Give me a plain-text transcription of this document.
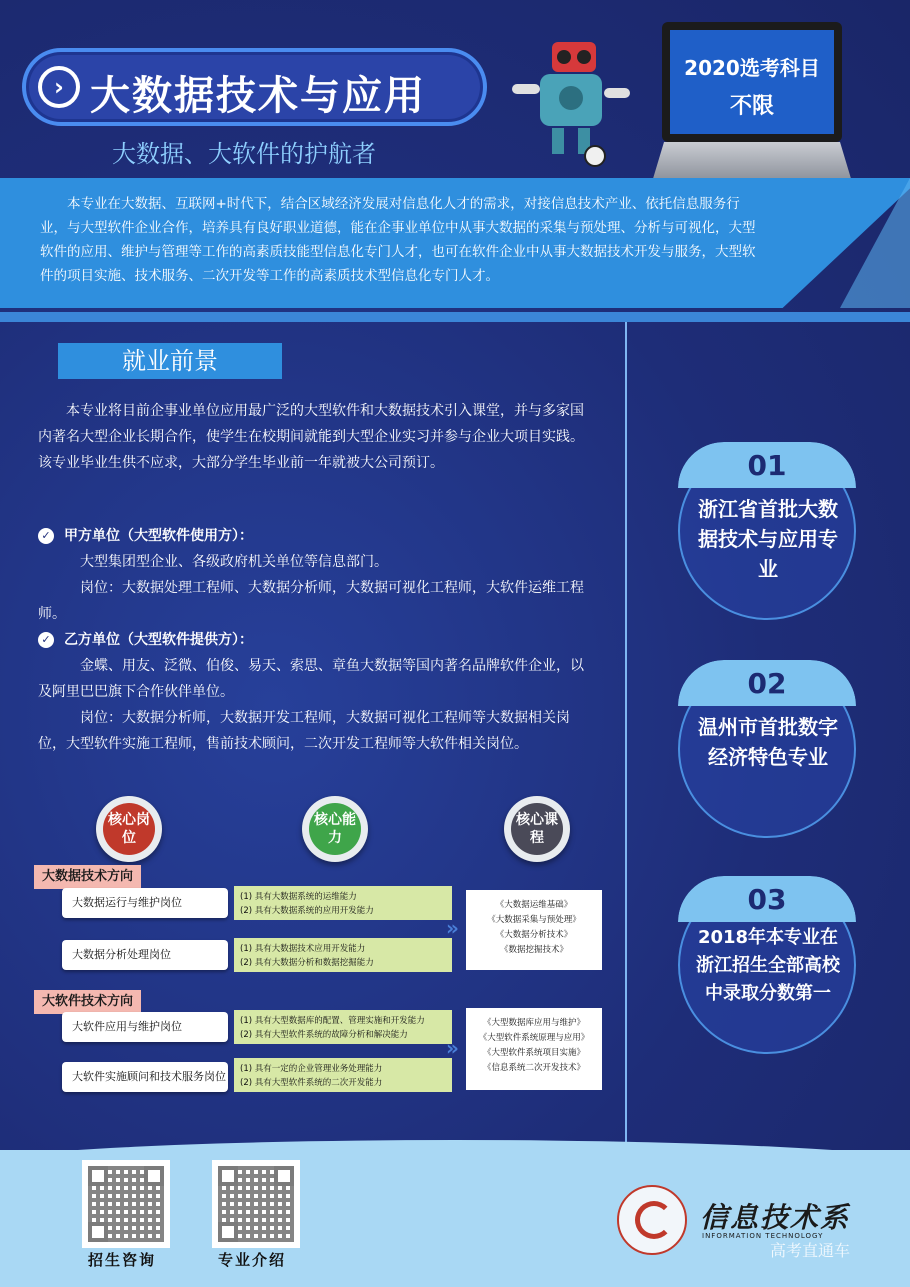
› 大数据技术与应用
大数据、大软件的护航者
2020选考科目
不限
本专业在大数据、互联网+时代下，结合区域经济发展对信息化人才的需求，对接信息技术产业、依托信息服务行业，与大型软件企业合作，培养具有良好职业道德，能在企事业单位中从事大数据的采集与预处理、分析与可视化，大型软件的应用、维护与管理等工作的高素质技能型信息化专门人才，也可在软件企业中从事大数据技术开发与服务，大型软件的项目实施、技术服务、二次开发等工作的高素质技术型信息化专门人才。
就业前景
本专业将目前企事业单位应用最广泛的大型软件和大数据技术引入课堂，并与多家国内著名大型企业长期合作，使学生在校期间就能到大型企业实习并参与企业大项目实践。该专业毕业生供不应求，大部分学生毕业前一年就被大公司预订。
✓ 甲方单位（大型软件使用方）：
大型集团型企业、各级政府机关单位等信息部门。
岗位：大数据处理工程师、大数据分析师，大数据可视化工程师，大软件运维工程师。
✓ 乙方单位（大型软件提供方）：
金蝶、用友、泛微、伯俊、易天、索思、章鱼大数据等国内著名品牌软件企业，以及阿里巴巴旗下合作伙伴单位。
岗位：大数据分析师，大数据开发工程师，大数据可视化工程师等大数据相关岗位，大型软件实施工程师，售前技术顾问，二次开发工程师等大软件相关岗位。
01
浙江省首批大数据技术与应用专业
02
温州市首批数字经济特色专业
03
2018年本专业在浙江招生全部高校中录取分数第一
核心岗位
核心能力
核心课程
大数据技术方向
大数据运行与维护岗位
大数据分析处理岗位
(1) 具有大数据系统的运维能力
(2) 具有大数据系统的应用开发能力
(1) 具有大数据技术应用开发能力
(2) 具有大数据分析和数据挖掘能力
»
《大数据运维基础》
《大数据采集与预处理》
《大数据分析技术》
《数据挖掘技术》
大软件技术方向
大软件应用与维护岗位
大软件实施顾问和技术服务岗位
(1) 具有大型数据库的配置、管理实施和开发能力
(2) 具有大型软件系统的故障分析和解决能力
(1) 具有一定的企业管理业务处理能力
(2) 具有大型软件系统的二次开发能力
»
《大型数据库应用与维护》
《大型软件系统原理与应用》
《大型软件系统项目实施》
《信息系统二次开发技术》
招生咨询	专业介绍
信息技术系
INFORMATION TECHNOLOGY
高考直通车
